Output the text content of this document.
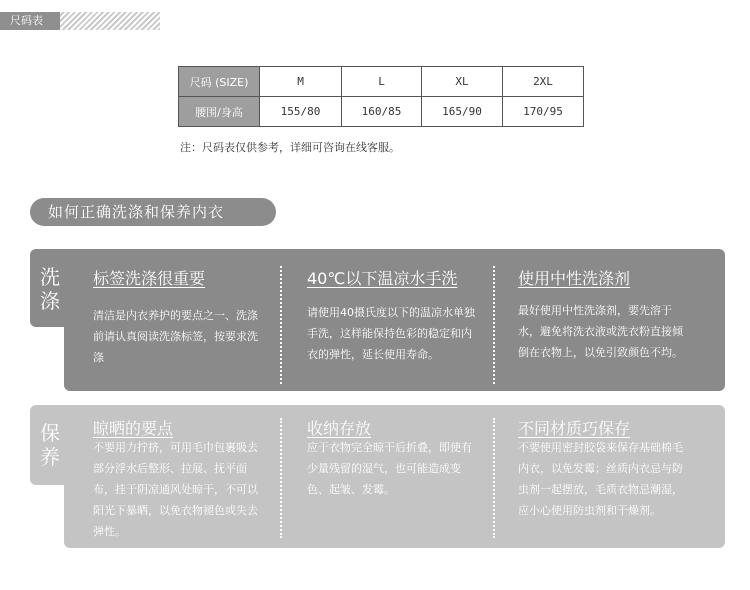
尺码表
尺码 (SIZE)	M	L	XL	2XL
腰围/身高	155/80	160/85	165/90	170/95
注：尺码表仅供参考，详细可咨询在线客服。
如何正确洗涤和保养内衣
洗
涤
标签洗涤很重要
清洁是内衣养护的要点之一、洗涤前请认真阅读洗涤标签，按要求洗涤
40℃以下温凉水手洗
请使用40摄氏度以下的温凉水单独手洗，这样能保持色彩的稳定和内衣的弹性，延长使用寿命。
使用中性洗涤剂
最好使用中性洗涤剂，要先溶于水，避免将洗衣液或洗衣粉直接倾倒在衣物上，以免引致颜色不均。
保
养
晾晒的要点
不要用力拧挤，可用毛巾包裹吸去部分浮水后整形、拉展、抚平面布，挂于阴凉通风处晾干，不可以阳光下暴晒，以免衣物褪色或失去弹性。
收纳存放
应于衣物完全晾干后折叠，即使有少量残留的湿气，也可能造成变色、起皱、发霉。
不同材质巧保存
不要使用密封胶袋来保存基础棉毛内衣，以免发霉；丝质内衣忌与防虫剂一起摆放，毛质衣物忌潮湿，应小心使用防虫剂和干燥剂。
